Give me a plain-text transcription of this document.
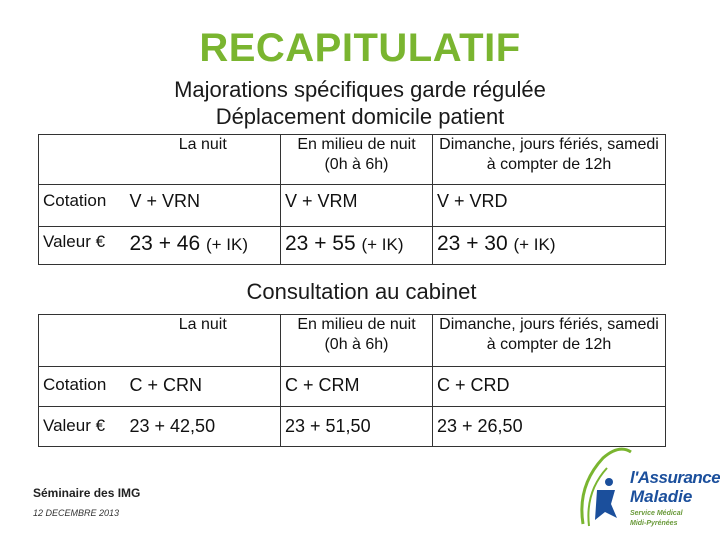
RECAPITULATIF
Majorations spécifiques garde régulée
Déplacement domicile patient
	La nuit	En milieu de nuit (0h à 6h)	Dimanche, jours fériés, samedi à compter de 12h
Cotation	V + VRN	V + VRM	V + VRD
Valeur €	23 + 46 (+ IK)	23 + 55 (+ IK)	23 + 30 (+ IK)
Consultation au cabinet
	La nuit	En milieu de nuit (0h à 6h)	Dimanche, jours fériés, samedi à compter de 12h
Cotation	C + CRN	C + CRM	C + CRD
Valeur €	23 + 42,50	23 + 51,50	23 + 26,50
Séminaire des IMG
12 DECEMBRE 2013
l'Assurance
Maladie
Service Médical
Midi-Pyrénées
